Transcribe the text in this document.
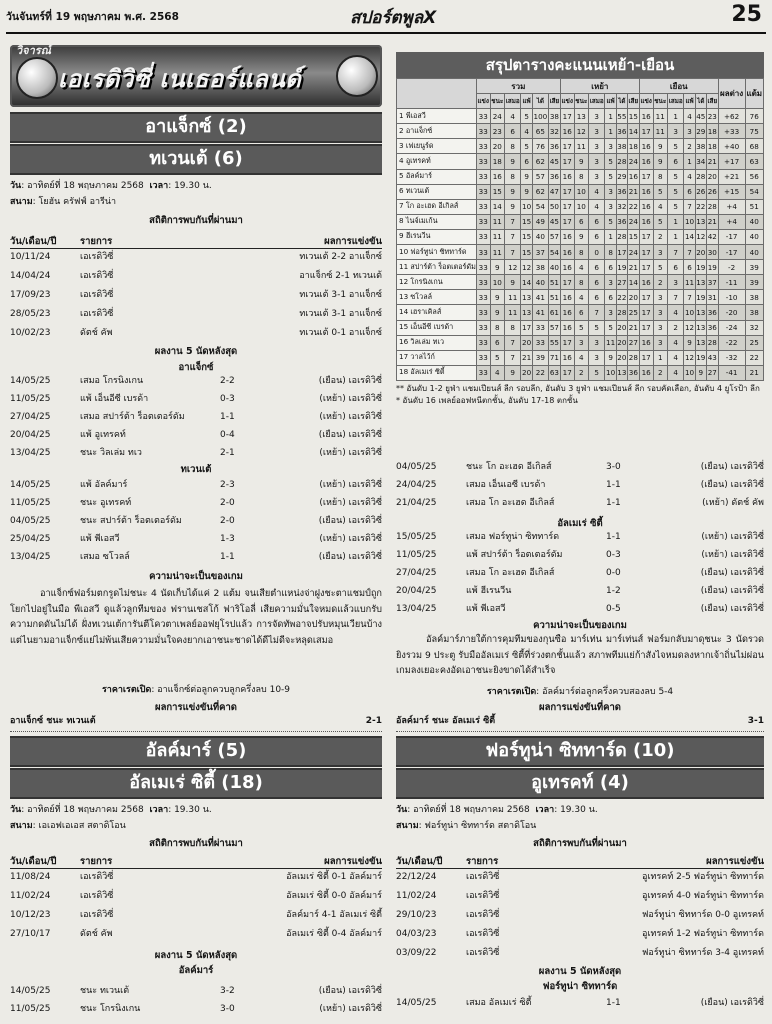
วันจันทร์ที่ 19 พฤษภาคม พ.ศ. 2568	สปอร์ตพูลX	25
วิจารณ์
เอเรดิวิซี่ เนเธอร์แลนด์
อาแจ็กซ์ (2)
ทเวนเต้ (6)
วัน: อาทิตย์ที่ 18 พฤษภาคม 2568 เวลา: 19.30 น.
สนาม: โยฮัน ครัฟฟ์ อารีน่า
สถิติการพบกันที่ผ่านมา
วัน/เดือน/ปี รายการ	ผลการแข่งขัน
10/11/24	เอเรดิวิซี่	ทเวนเต้ 2-2 อาแจ็กซ์
14/04/24	เอเรดิวิซี่	อาแจ็กซ์ 2-1 ทเวนเต้
17/09/23	เอเรดิวิซี่	ทเวนเต้ 3-1 อาแจ็กซ์
28/05/23	เอเรดิวิซี่	ทเวนเต้ 3-1 อาแจ็กซ์
10/02/23	ดัตช์ คัพ	ทเวนเต้ 0-1 อาแจ็กซ์
ผลงาน 5 นัดหลังสุด
อาแจ็กซ์
14/05/25	เสมอ โกรนิงเกน	2-2	(เยือน) เอเรดิวิซี่
11/05/25	แพ้ เอ็นอีซี เบรด้า	0-3	(เหย้า) เอเรดิวิซี่
27/04/25	เสมอ สปาร์ต้า ร็อตเตอร์ดัม	1-1	(เหย้า) เอเรดิวิซี่
20/04/25	แพ้ อูเทรคท์	0-4	(เยือน) เอเรดิวิซี่
13/04/25	ชนะ วิลเล่ม ทเว	2-1	(เหย้า) เอเรดิวิซี่
ทเวนเต้
14/05/25	แพ้ อัลค์มาร์	2-3	(เหย้า) เอเรดิวิซี่
11/05/25	ชนะ อูเทรคท์	2-0	(เหย้า) เอเรดิวิซี่
04/05/25	ชนะ สปาร์ต้า ร็อตเตอร์ดัม	2-0	(เยือน) เอเรดิวิซี่
25/04/25	แพ้ พีเอสวี	1-3	(เหย้า) เอเรดิวิซี่
13/04/25	เสมอ ซโวลล์	1-1	(เยือน) เอเรดิวิซี่
ความน่าจะเป็นของเกม
อาแจ็กซ์ฟอร์มตกรูดไม่ชนะ 4 นัดเก็บได้แค่ 2 แต้ม จนเสียตำแหน่งจ่าฝูงชะตาแชมป์ถูกโยกไปอยู่ในมือ พีเอสวี ดูแล้วลูกทีมของ ฟรานเชสโก้ ฟาริโอลี่ เสียความมั่นใจหมดแล้วแบกรับความกดดันไม่ได้ ฝั่งทเวนเต้การันตีโควตาเพลย์ออฟยุโรปแล้ว การจัดทัพอาจปรับหมุนเวียนบ้าง แต่ไนยามอาแจ็กซ์แย่ไม่พ้นเสียความมั่นใจคงยากเอาชนะชาดได้ดีไม่ดีจะหลุดเสมอ
ราคาเรตเปิด: อาแจ็กซ์ต่อลูกควบลูกครึ่งลบ 10-9
ผลการแข่งขันที่คาด
อาแจ็กซ์ ชนะ ทเวนเต้	2-1
สรุปตารางคะแนนเหย้า-เยือน
	รวม						เหย้า						เยือน						ผลต่าง	แต้ม
	แข่ง	ชนะ	เสมอ	แพ้	ได้	เสีย	แข่ง	ชนะ	เสมอ	แพ้	ได้	เสีย	แข่ง	ชนะ	เสมอ	แพ้	ได้	เสีย		
1 พีเอสวี	33	24	4	5	100	38	17	13	3	1	55	15	16	11	1	4	45	23	+62	76
2 อาแจ็กซ์	33	23	6	4	65	32	16	12	3	1	36	14	17	11	3	3	29	18	+33	75
3 เฟเยนูร์ด	33	20	8	5	76	36	17	11	3	3	38	18	16	9	5	2	38	18	+40	68
4 อูเทรคท์	33	18	9	6	62	45	17	9	3	5	28	24	16	9	6	1	34	21	+17	63
5 อัลค์มาร์	33	16	8	9	57	36	16	8	3	5	29	16	17	8	5	4	28	20	+21	56
6 ทเวนเต้	33	15	9	9	62	47	17	10	4	3	36	21	16	5	5	6	26	26	+15	54
7 โก อะเฮด อีเกิลส์	33	14	9	10	54	50	17	10	4	3	32	22	16	4	5	7	22	28	+4	51
8 ไนจ์เมเก้น	33	11	7	15	49	45	17	6	6	5	36	24	16	5	1	10	13	21	+4	40
9 ฮีเรนวีน	33	11	7	15	40	57	16	9	6	1	28	15	17	2	1	14	12	42	-17	40
10 ฟอร์ทูน่า ซิททาร์ด	33	11	7	15	37	54	16	8	0	8	17	24	17	3	7	7	20	30	-17	40
11 สปาร์ต้า ร็อตเตอร์ดัม	33	9	12	12	38	40	16	4	6	6	19	21	17	5	6	6	19	19	-2	39
12 โกรนิงเกน	33	10	9	14	40	51	17	8	6	3	27	14	16	2	3	11	13	37	-11	39
13 ซโวลล์	33	9	11	13	41	51	16	4	6	6	22	20	17	3	7	7	19	31	-10	38
14 เฮราเคิลส์	33	9	11	13	41	61	16	6	7	3	28	25	17	3	4	10	13	36	-20	38
15 เอ็นอีซี เบรด้า	33	8	8	17	33	57	16	5	5	5	20	21	17	3	2	12	13	36	-24	32
16 วิลเล่ม ทเว	33	6	7	20	33	55	17	3	3	11	20	27	16	3	4	9	13	28	-22	25
17 วาลไว้ก์	33	5	7	21	39	71	16	4	3	9	20	28	17	1	4	12	19	43	-32	22
18 อัลเมเร่ ซิตี้	33	4	9	20	22	63	17	2	5	10	13	36	16	2	4	10	9	27	-41	21
** อันดับ 1-2 ยูฟ่า แชมเปียนส์ ลีก รอบลีก, อันดับ 3 ยูฟ่า แชมเปียนส์ ลีก รอบคัดเลือก, อันดับ 4 ยูโรป้า ลีก
* อันดับ 16 เพลย์ออฟหนีตกชั้น, อันดับ 17-18 ตกชั้น
04/05/25	ชนะ โก อะเฮด อีเกิลส์	3-0	(เยือน) เอเรดิวิซี่
24/04/25	เสมอ เอ็นเอซี เบรด้า	1-1	(เยือน) เอเรดิวิซี่
21/04/25	เสมอ โก อะเฮด อีเกิลส์	1-1	(เหย้า) ดัตช์ คัพ
อัลเมเร่ ซิตี้
15/05/25	เสมอ ฟอร์ทูน่า ซิททาร์ด	1-1	(เหย้า) เอเรดิวิซี่
11/05/25	แพ้ สปาร์ต้า ร็อตเตอร์ดัม	0-3	(เหย้า) เอเรดิวิซี่
27/04/25	เสมอ โก อะเฮด อีเกิลส์	0-0	(เยือน) เอเรดิวิซี่
20/04/25	แพ้ ฮีเรนวีน	1-2	(เยือน) เอเรดิวิซี่
13/04/25	แพ้ พีเอสวี	0-5	(เยือน) เอเรดิวิซี่
ความน่าจะเป็นของเกม
อัลค์มาร์ภายใต้การคุมทีมของกุนซือ มาร์เท่น มาร์เท่นส์ ฟอร์มกลับมาดุชนะ 3 นัดรวด ยิงรวม 9 ประตู รับมืออัลเมเร่ ซิตี้ที่ร่วงตกชั้นแล้ว สภาพทีมแย่ก้าสังไจหมดลงหากเจ้าถิ่นไม่ผ่อนเกมลงเยอะคงอัดเอาชนะยิงขาดได้สำเร็จ
ราคาเรตเปิด: อัลค์มาร์ต่อลูกครึ่งควบสองลบ 5-4
ผลการแข่งขันที่คาด
อัลค์มาร์ ชนะ อัลเมเร่ ซิตี้	3-1
อัลค์มาร์ (5)
อัลเมเร่ ซิตี้ (18)
วัน: อาทิตย์ที่ 18 พฤษภาคม 2568 เวลา: 19.30 น.
สนาม: เอเอฟเอเอส สตาดิโอน
สถิติการพบกันที่ผ่านมา
วัน/เดือน/ปี รายการ	ผลการแข่งขัน
11/08/24	เอเรดิวิซี่	อัลเมเร่ ซิตี้ 0-1 อัลค์มาร์
11/02/24	เอเรดิวิซี่	อัลเมเร่ ซิตี้ 0-0 อัลค์มาร์
10/12/23	เอเรดิวิซี่	อัลค์มาร์ 4-1 อัลเมเร่ ซิตี้
27/10/17	ดัตช์ คัพ	อัลเมเร่ ซิตี้ 0-4 อัลค์มาร์
ผลงาน 5 นัดหลังสุด
อัลค์มาร์
14/05/25	ชนะ ทเวนเต้	3-2	(เยือน) เอเรดิวิซี่
11/05/25	ชนะ โกรนิงเกน	3-0	(เหย้า) เอเรดิวิซี่
ฟอร์ทูน่า ซิททาร์ด (10)
อูเทรคท์ (4)
วัน: อาทิตย์ที่ 18 พฤษภาคม 2568 เวลา: 19.30 น.
สนาม: ฟอร์ทูน่า ซิททาร์ด สตาดิโอน
สถิติการพบกันที่ผ่านมา
วัน/เดือน/ปี รายการ	ผลการแข่งขัน
22/12/24	เอเรดิวิซี่	อูเทรคท์ 2-5 ฟอร์ทูน่า ซิททาร์ด
11/02/24	เอเรดิวิซี่	อูเทรคท์ 4-0 ฟอร์ทูน่า ซิททาร์ด
29/10/23	เอเรดิวิซี่	ฟอร์ทูน่า ซิททาร์ด 0-0 อูเทรคท์
04/03/23	เอเรดิวิซี่	อูเทรคท์ 1-2 ฟอร์ทูน่า ซิททาร์ด
03/09/22	เอเรดิวิซี่	ฟอร์ทูน่า ซิททาร์ด 3-4 อูเทรคท์
ผลงาน 5 นัดหลังสุด
ฟอร์ทูน่า ซิททาร์ด
14/05/25	เสมอ อัลเมเร่ ซิตี้	1-1	(เยือน) เอเรดิวิซี่
